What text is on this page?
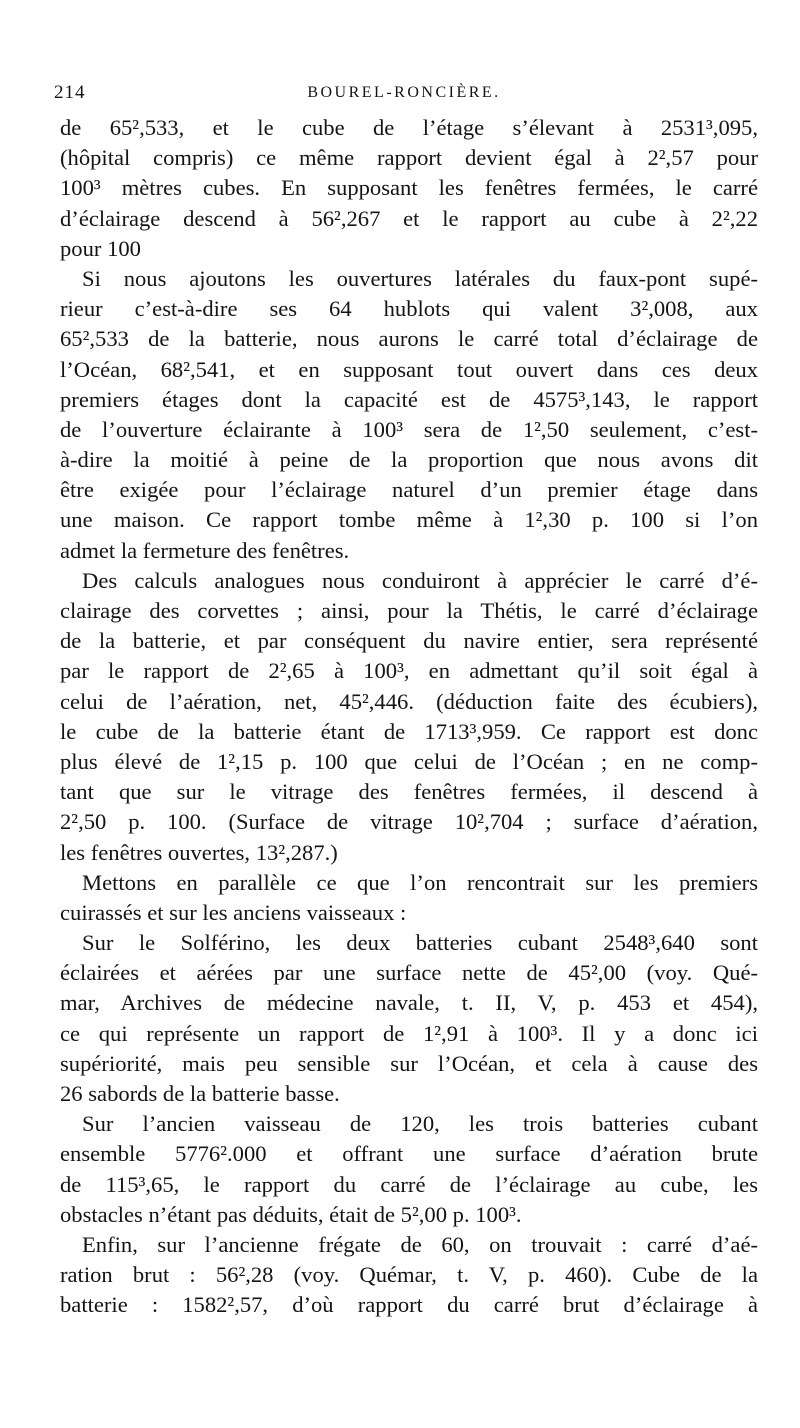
214	BOUREL-RONCIÈRE.
de 65²,533, et le cube de l’étage s’élevant à 2531³,095,
(hôpital compris) ce même rapport devient égal à 2²,57 pour
100³ mètres cubes. En supposant les fenêtres fermées, le carré
d’éclairage descend à 56²,267 et le rapport au cube à 2²,22
pour 100
Si nous ajoutons les ouvertures latérales du faux-pont supé-
rieur c’est-à-dire ses 64 hublots qui valent 3²,008, aux
65²,533 de la batterie, nous aurons le carré total d’éclairage de
l’Océan, 68²,541, et en supposant tout ouvert dans ces deux
premiers étages dont la capacité est de 4575³,143, le rapport
de l’ouverture éclairante à 100³ sera de 1²,50 seulement, c’est-
à-dire la moitié à peine de la proportion que nous avons dit
être exigée pour l’éclairage naturel d’un premier étage dans
une maison. Ce rapport tombe même à 1²,30 p. 100 si l’on
admet la fermeture des fenêtres.
Des calculs analogues nous conduiront à apprécier le carré d’é-
clairage des corvettes ; ainsi, pour la Thétis, le carré d’éclairage
de la batterie, et par conséquent du navire entier, sera représenté
par le rapport de 2²,65 à 100³, en admettant qu’il soit égal à
celui de l’aération, net, 45²,446. (déduction faite des écubiers),
le cube de la batterie étant de 1713³,959. Ce rapport est donc
plus élevé de 1²,15 p. 100 que celui de l’Océan ; en ne comp-
tant que sur le vitrage des fenêtres fermées, il descend à
2²,50 p. 100. (Surface de vitrage 10²,704 ; surface d’aération,
les fenêtres ouvertes, 13²,287.)
Mettons en parallèle ce que l’on rencontrait sur les premiers
cuirassés et sur les anciens vaisseaux :
Sur le Solférino, les deux batteries cubant 2548³,640 sont
éclairées et aérées par une surface nette de 45²,00 (voy. Qué-
mar, Archives de médecine navale, t. II, V, p. 453 et 454),
ce qui représente un rapport de 1²,91 à 100³. Il y a donc ici
supériorité, mais peu sensible sur l’Océan, et cela à cause des
26 sabords de la batterie basse.
Sur l’ancien vaisseau de 120, les trois batteries cubant
ensemble 5776².000 et offrant une surface d’aération brute
de 115³,65, le rapport du carré de l’éclairage au cube, les
obstacles n’étant pas déduits, était de 5²,00 p. 100³.
Enfin, sur l’ancienne frégate de 60, on trouvait : carré d’aé-
ration brut : 56²,28 (voy. Quémar, t. V, p. 460). Cube de la
batterie : 1582²,57, d’où rapport du carré brut d’éclairage à
